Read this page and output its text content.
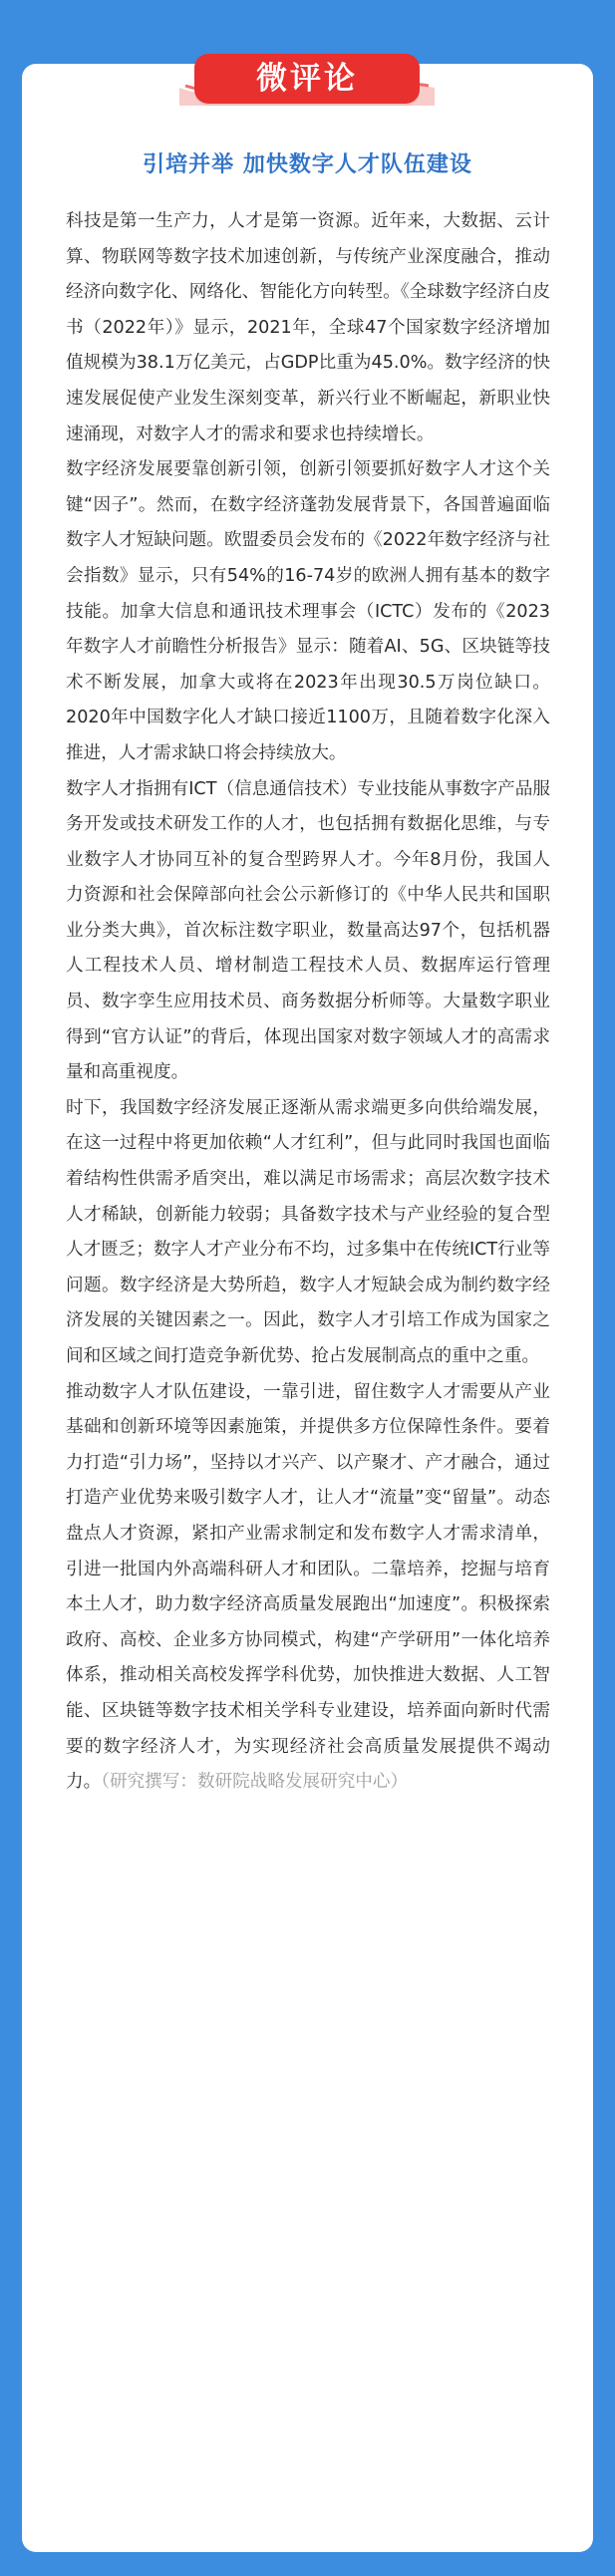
微评论
引培并举 加快数字人才队伍建设

科技是第一生产力，人才是第一资源。近年来，大数据、云计算、物联网等数字技术加速创新，与传统产业深度融合，推动经济向数字化、网络化、智能化方向转型。《全球数字经济白皮书（2022年）》显示，2021年，全球47个国家数字经济增加值规模为38.1万亿美元，占GDP比重为45.0%。数字经济的快速发展促使产业发生深刻变革，新兴行业不断崛起，新职业快速涌现，对数字人才的需求和要求也持续增长。

数字经济发展要靠创新引领，创新引领要抓好数字人才这个关键“因子”。然而，在数字经济蓬勃发展背景下，各国普遍面临数字人才短缺问题。欧盟委员会发布的《2022年数字经济与社会指数》显示，只有54%的16-74岁的欧洲人拥有基本的数字技能。加拿大信息和通讯技术理事会（ICTC）发布的《2023年数字人才前瞻性分析报告》显示：随着AI、5G、区块链等技术不断发展，加拿大或将在2023年出现30.5万岗位缺口。2020年中国数字化人才缺口接近1100万，且随着数字化深入推进，人才需求缺口将会持续放大。

数字人才指拥有ICT（信息通信技术）专业技能从事数字产品服务开发或技术研发工作的人才，也包括拥有数据化思维，与专业数字人才协同互补的复合型跨界人才。今年8月份，我国人力资源和社会保障部向社会公示新修订的《中华人民共和国职业分类大典》，首次标注数字职业，数量高达97个，包括机器人工程技术人员、增材制造工程技术人员、数据库运行管理员、数字孪生应用技术员、商务数据分析师等。大量数字职业得到“官方认证”的背后，体现出国家对数字领域人才的高需求量和高重视度。

时下，我国数字经济发展正逐渐从需求端更多向供给端发展，在这一过程中将更加依赖“人才红利”，但与此同时我国也面临着结构性供需矛盾突出，难以满足市场需求；高层次数字技术人才稀缺，创新能力较弱；具备数字技术与产业经验的复合型人才匮乏；数字人才产业分布不均，过多集中在传统ICT行业等问题。数字经济是大势所趋，数字人才短缺会成为制约数字经济发展的关键因素之一。因此，数字人才引培工作成为国家之间和区域之间打造竞争新优势、抢占发展制高点的重中之重。

推动数字人才队伍建设，一靠引进，留住数字人才需要从产业基础和创新环境等因素施策，并提供多方位保障性条件。要着力打造“引力场”，坚持以才兴产、以产聚才、产才融合，通过打造产业优势来吸引数字人才，让人才“流量”变“留量”。动态盘点人才资源，紧扣产业需求制定和发布数字人才需求清单，引进一批国内外高端科研人才和团队。二靠培养，挖掘与培育本土人才，助力数字经济高质量发展跑出“加速度”。积极探索政府、高校、企业多方协同模式，构建“产学研用”一体化培养体系，推动相关高校发挥学科优势，加快推进大数据、人工智能、区块链等数字技术相关学科专业建设，培养面向新时代需要的数字经济人才，为实现经济社会高质量发展提供不竭动力。（研究撰写：数研院战略发展研究中心）
